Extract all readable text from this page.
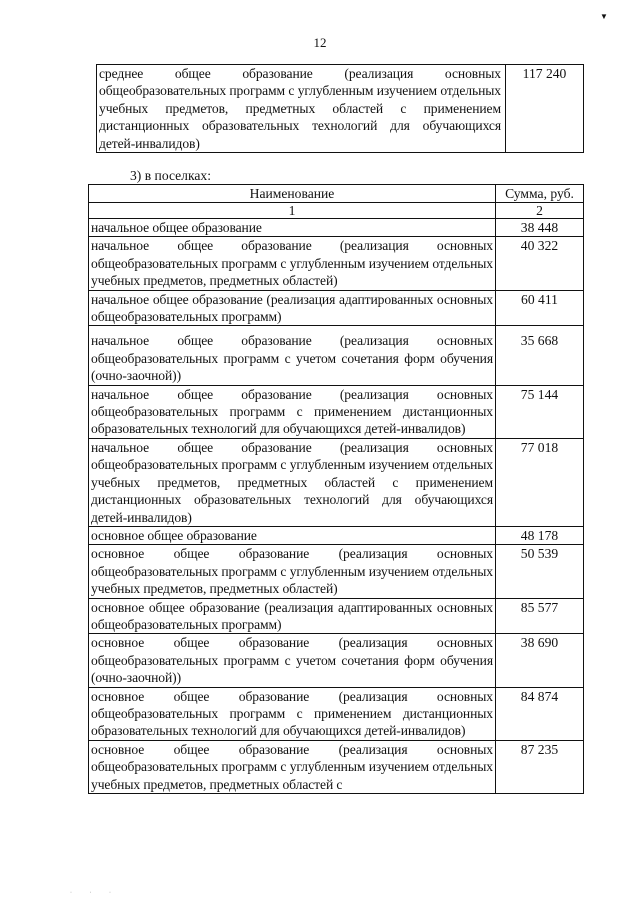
▼
12
среднее общее образование (реализация основных общеобразовательных программ с углубленным изучением отдельных учебных предметов, предметных областей с применением дистанционных образовательных технологий для обучающихся детей-инвалидов)	117 240
3) в поселках:
Наименование	Сумма, руб.
1	2
начальное общее образование	38 448
начальное общее образование (реализация основных общеобразовательных программ с углубленным изучением отдельных учебных предметов, предметных областей)	40 322
начальное общее образование (реализация адаптированных основных общеобразовательных программ)	60 411
начальное общее образование (реализация основных общеобразовательных программ с учетом сочетания форм обучения (очно-заочной))	35 668
начальное общее образование (реализация основных общеобразовательных программ с применением дистанционных образовательных технологий для обучающихся детей-инвалидов)	75 144
начальное общее образование (реализация основных общеобразовательных программ с углубленным изучением отдельных учебных предметов, предметных областей с применением дистанционных образовательных технологий для обучающихся детей-инвалидов)	77 018
основное общее образование	48 178
основное общее образование (реализация основных общеобразовательных программ с углубленным изучением отдельных учебных предметов, предметных областей)	50 539
основное общее образование (реализация адаптированных основных общеобразовательных программ)	85 577
основное общее образование (реализация основных общеобразовательных программ с учетом сочетания форм обучения (очно-заочной))	38 690
основное общее образование (реализация основных общеобразовательных программ с применением дистанционных образовательных технологий для обучающихся детей-инвалидов)	84 874
основное общее образование (реализация основных общеобразовательных программ с углубленным изучением отдельных учебных предметов, предметных областей с	87 235
· · ·
